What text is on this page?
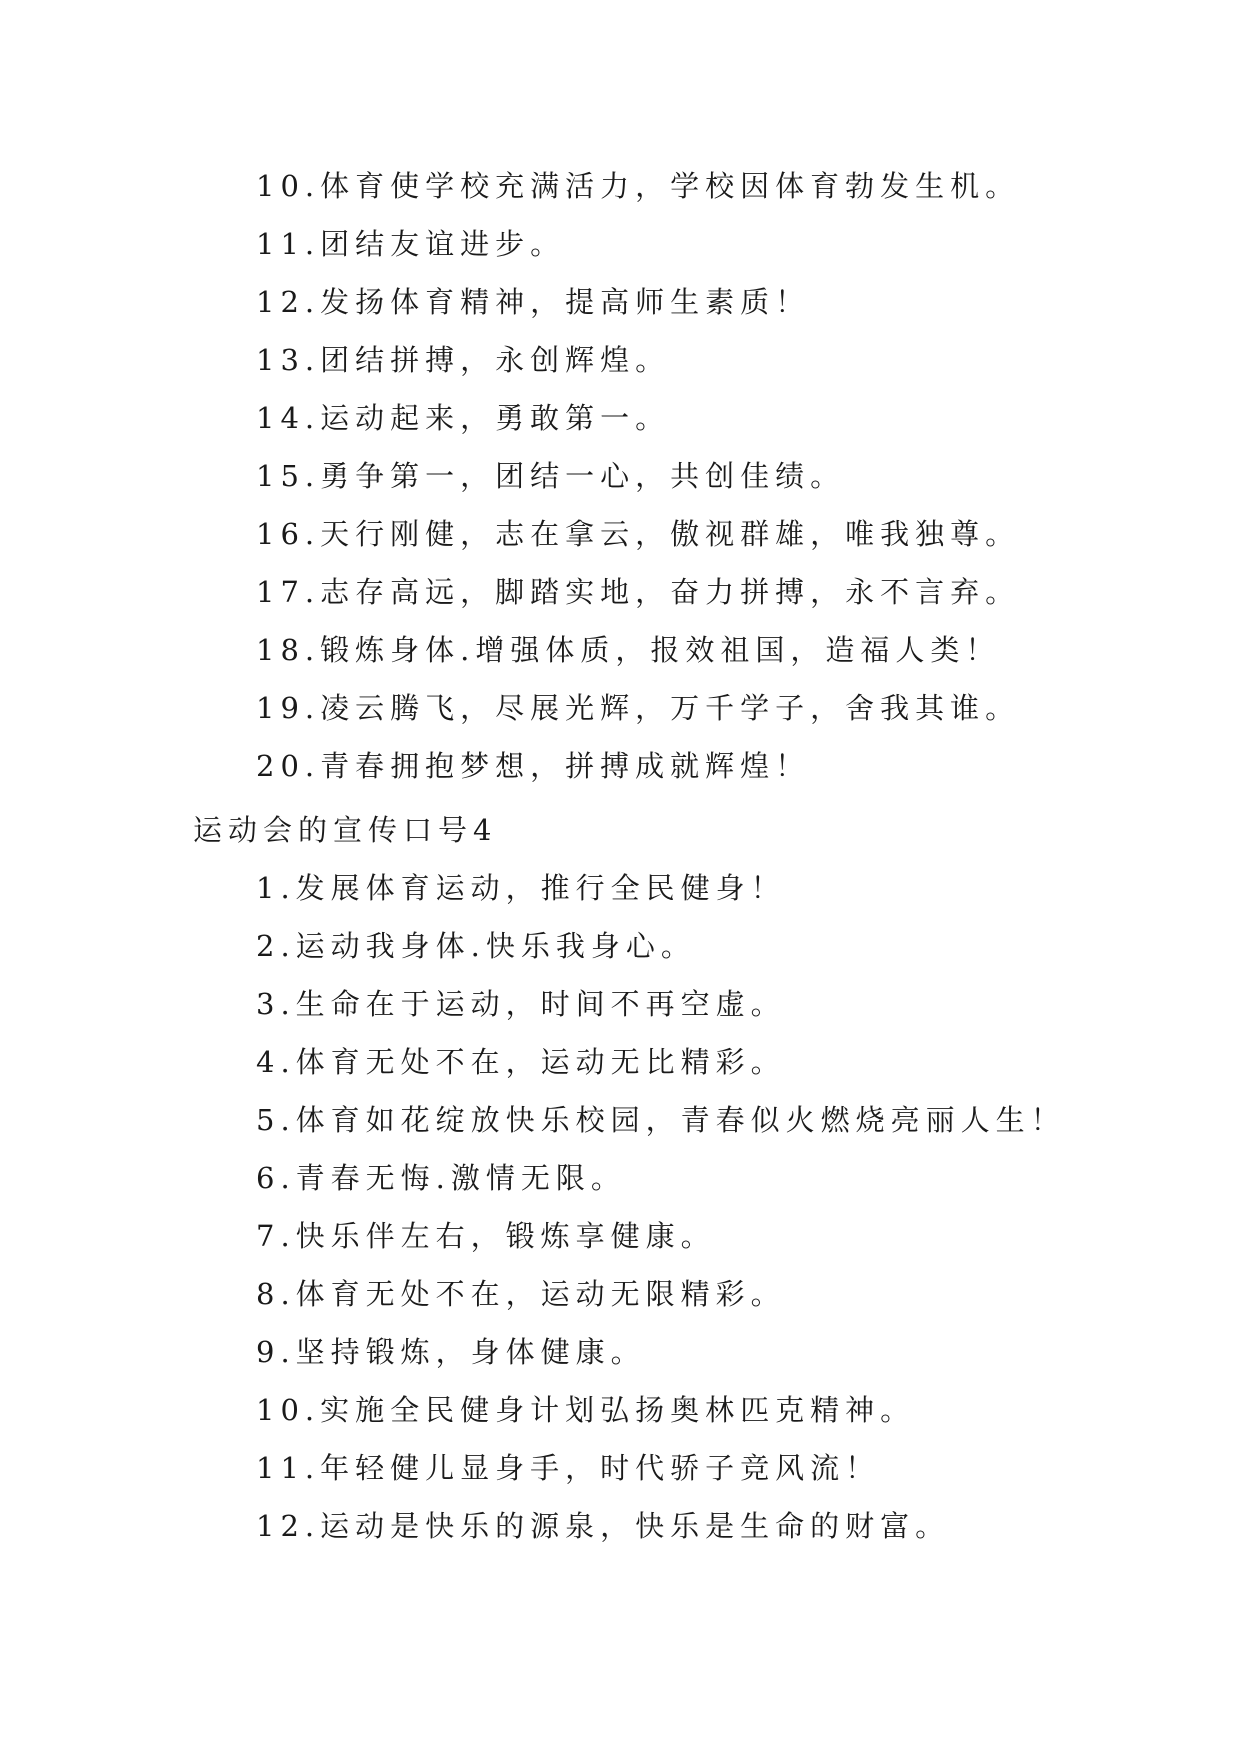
10.体育使学校充满活力，学校因体育勃发生机。
11.团结友谊进步。
12.发扬体育精神，提高师生素质！
13.团结拼搏，永创辉煌。
14.运动起来，勇敢第一。
15.勇争第一，团结一心，共创佳绩。
16.天行刚健，志在拿云，傲视群雄，唯我独尊。
17.志存高远，脚踏实地，奋力拼搏，永不言弃。
18.锻炼身体.增强体质，报效祖国，造福人类！
19.凌云腾飞，尽展光辉，万千学子，舍我其谁。
20.青春拥抱梦想，拼搏成就辉煌！
运动会的宣传口号4
1.发展体育运动，推行全民健身！
2.运动我身体.快乐我身心。
3.生命在于运动，时间不再空虚。
4.体育无处不在，运动无比精彩。
5.体育如花绽放快乐校园，青春似火燃烧亮丽人生！
6.青春无悔.激情无限。
7.快乐伴左右，锻炼享健康。
8.体育无处不在，运动无限精彩。
9.坚持锻炼，身体健康。
10.实施全民健身计划弘扬奥林匹克精神。
11.年轻健儿显身手，时代骄子竞风流！
12.运动是快乐的源泉，快乐是生命的财富。
